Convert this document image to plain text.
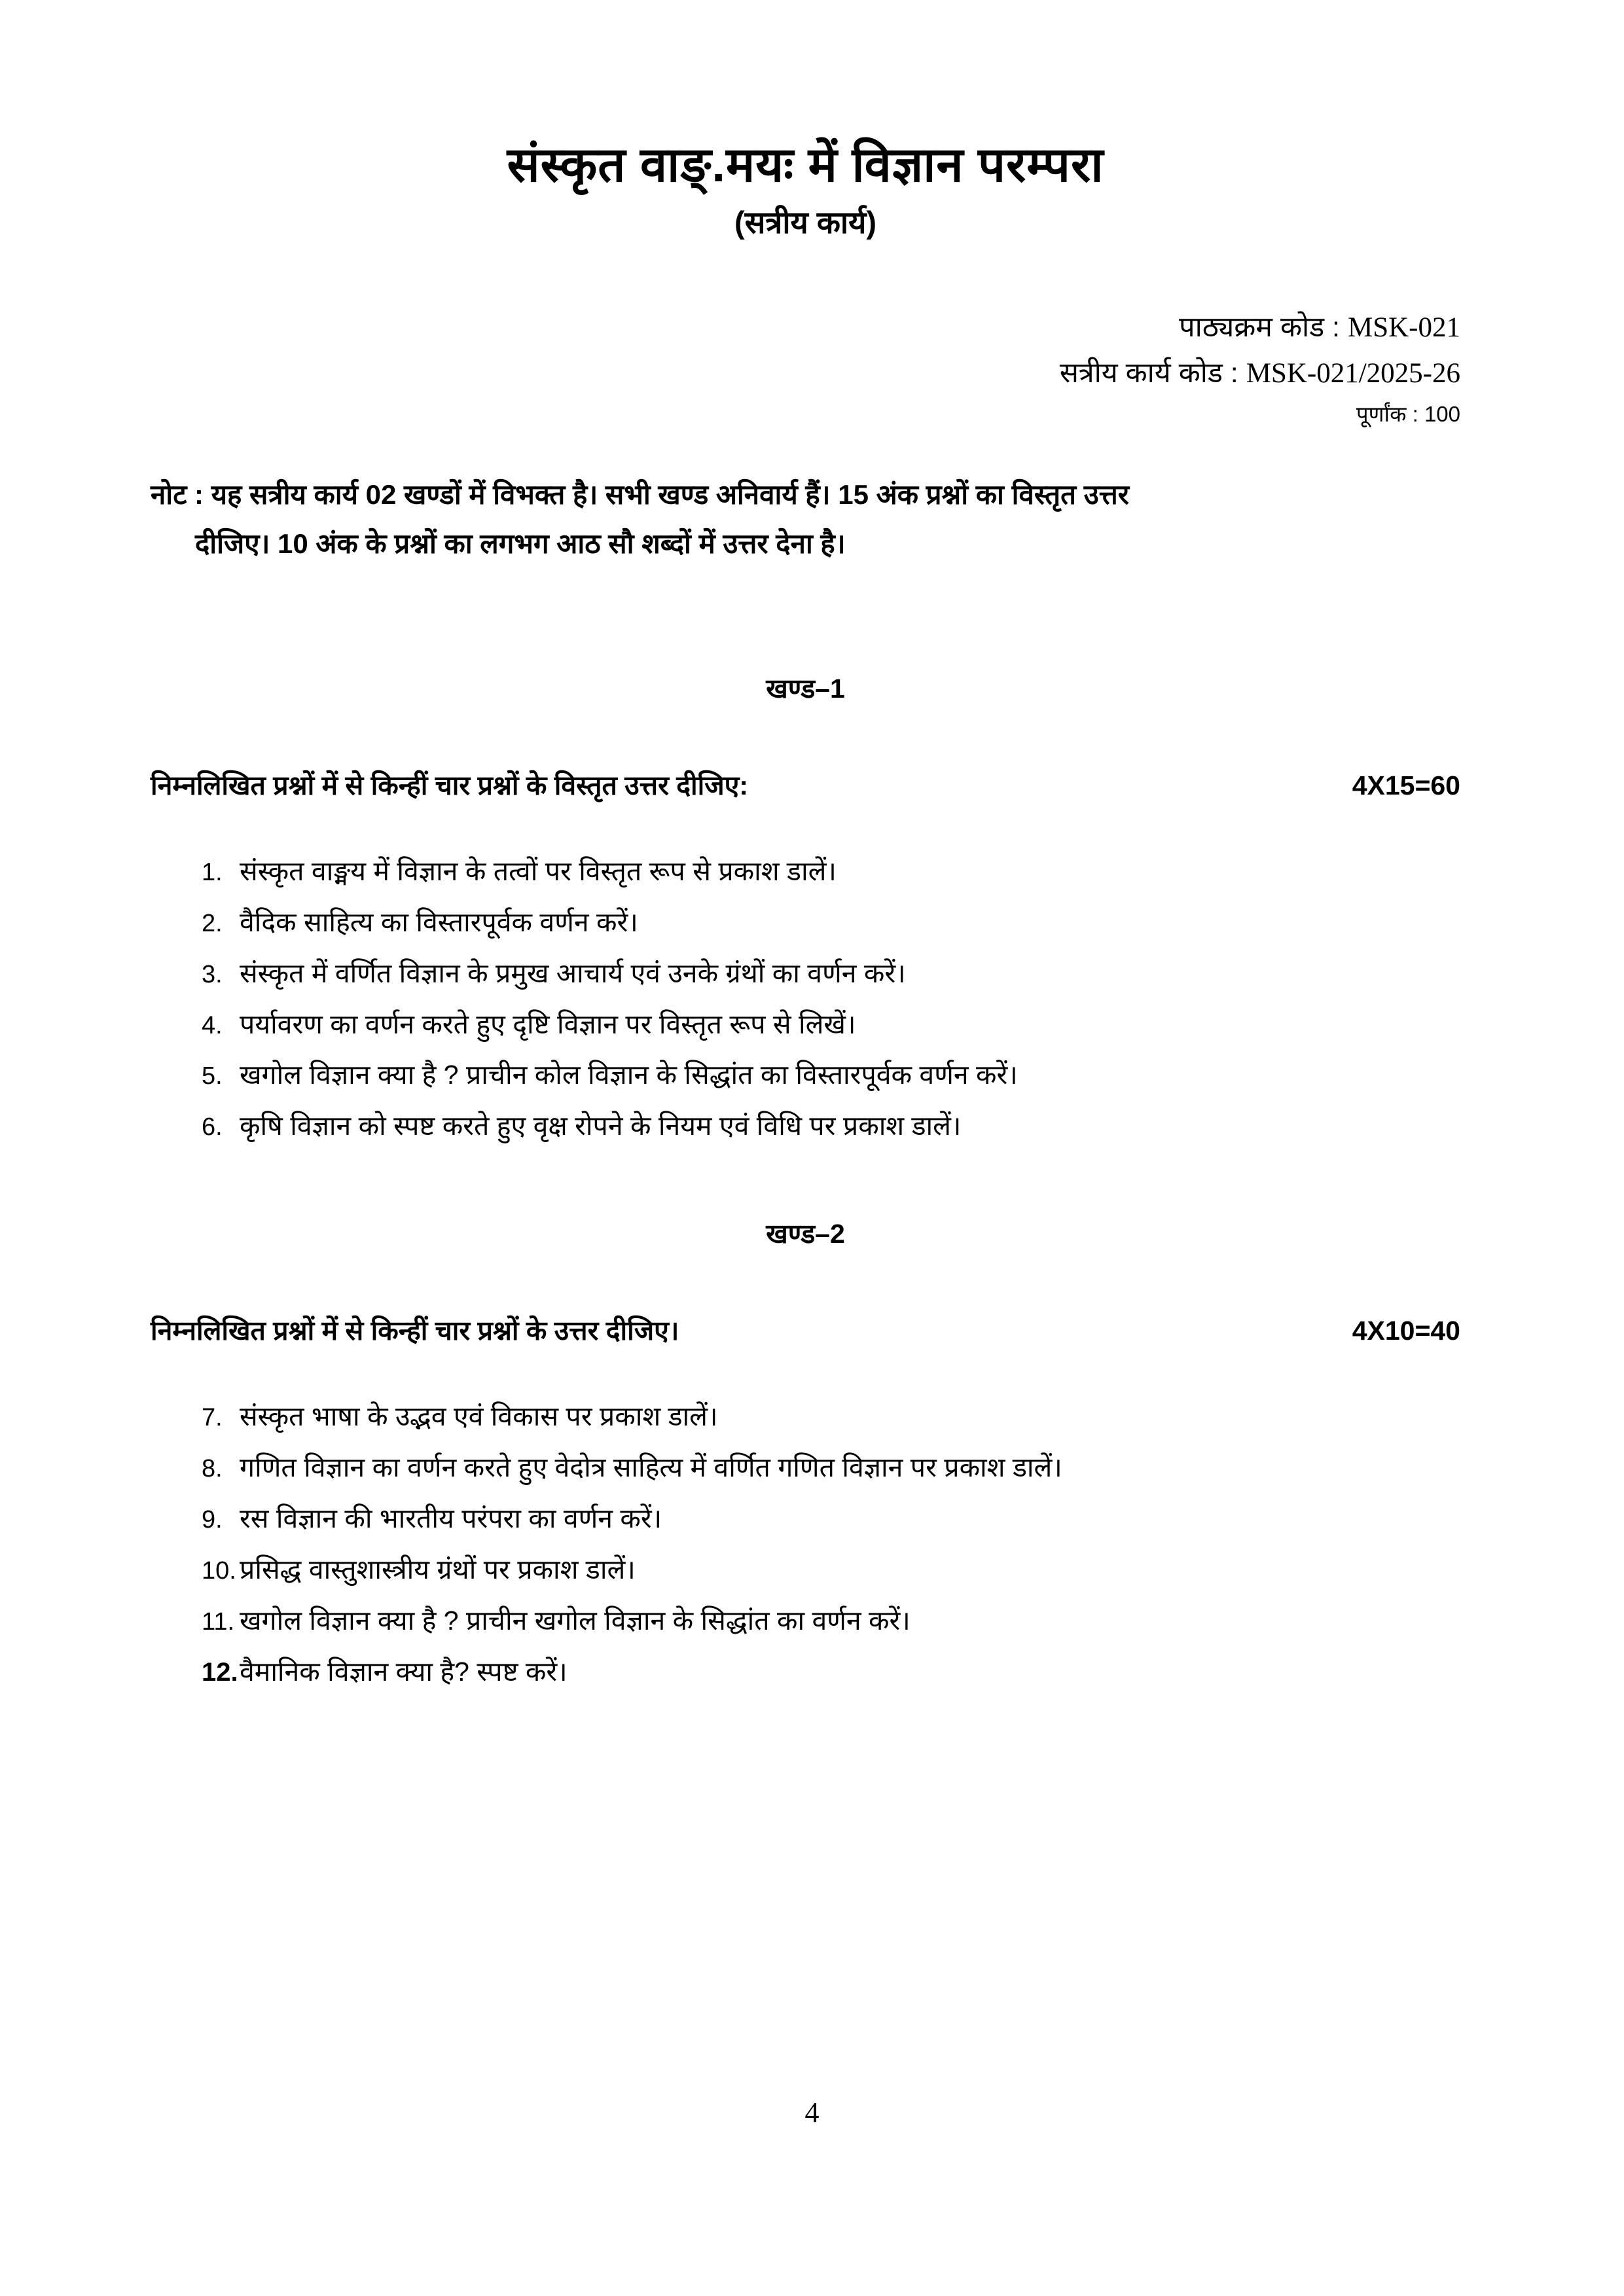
संस्कृत वाङ्.मयः में विज्ञान परम्परा
(सत्रीय कार्य)
पाठ्यक्रम कोड : MSK-021
सत्रीय कार्य कोड : MSK-021/2025-26
पूर्णांक : 100
नोट : यह सत्रीय कार्य 02 खण्डों में विभक्त है। सभी खण्ड अनिवार्य हैं। 15 अंक प्रश्नों का विस्तृत उत्तर
दीजिए। 10 अंक के प्रश्नों का लगभग आठ सौ शब्दों में उत्तर देना है।
खण्ड–1
निम्नलिखित प्रश्नों में से किन्हीं चार प्रश्नों के विस्तृत उत्तर दीजिए:	4X15=60
1. संस्कृत वाङ्मय में विज्ञान के तत्वों पर विस्तृत रूप से प्रकाश डालें।
2. वैदिक साहित्य का विस्तारपूर्वक वर्णन करें।
3. संस्कृत में वर्णित विज्ञान के प्रमुख आचार्य एवं उनके ग्रंथों का वर्णन करें।
4. पर्यावरण का वर्णन करते हुए दृष्टि विज्ञान पर विस्तृत रूप से लिखें।
5. खगोल विज्ञान क्या है ? प्राचीन कोल विज्ञान के सिद्धांत का विस्तारपूर्वक वर्णन करें।
6. कृषि विज्ञान को स्पष्ट करते हुए वृक्ष रोपने के नियम एवं विधि पर प्रकाश डालें।
खण्ड–2
निम्नलिखित प्रश्नों में से किन्हीं चार प्रश्नों के उत्तर दीजिए।	4X10=40
7. संस्कृत भाषा के उद्भव एवं विकास पर प्रकाश डालें।
8. गणित विज्ञान का वर्णन करते हुए वेदोत्र साहित्य में वर्णित गणित विज्ञान पर प्रकाश डालें।
9. रस विज्ञान की भारतीय परंपरा का वर्णन करें।
10. प्रसिद्ध वास्तुशास्त्रीय ग्रंथों पर प्रकाश डालें।
11. खगोल विज्ञान क्या है ? प्राचीन खगोल विज्ञान के सिद्धांत का वर्णन करें।
12. वैमानिक विज्ञान क्या है? स्पष्ट करें।
4
